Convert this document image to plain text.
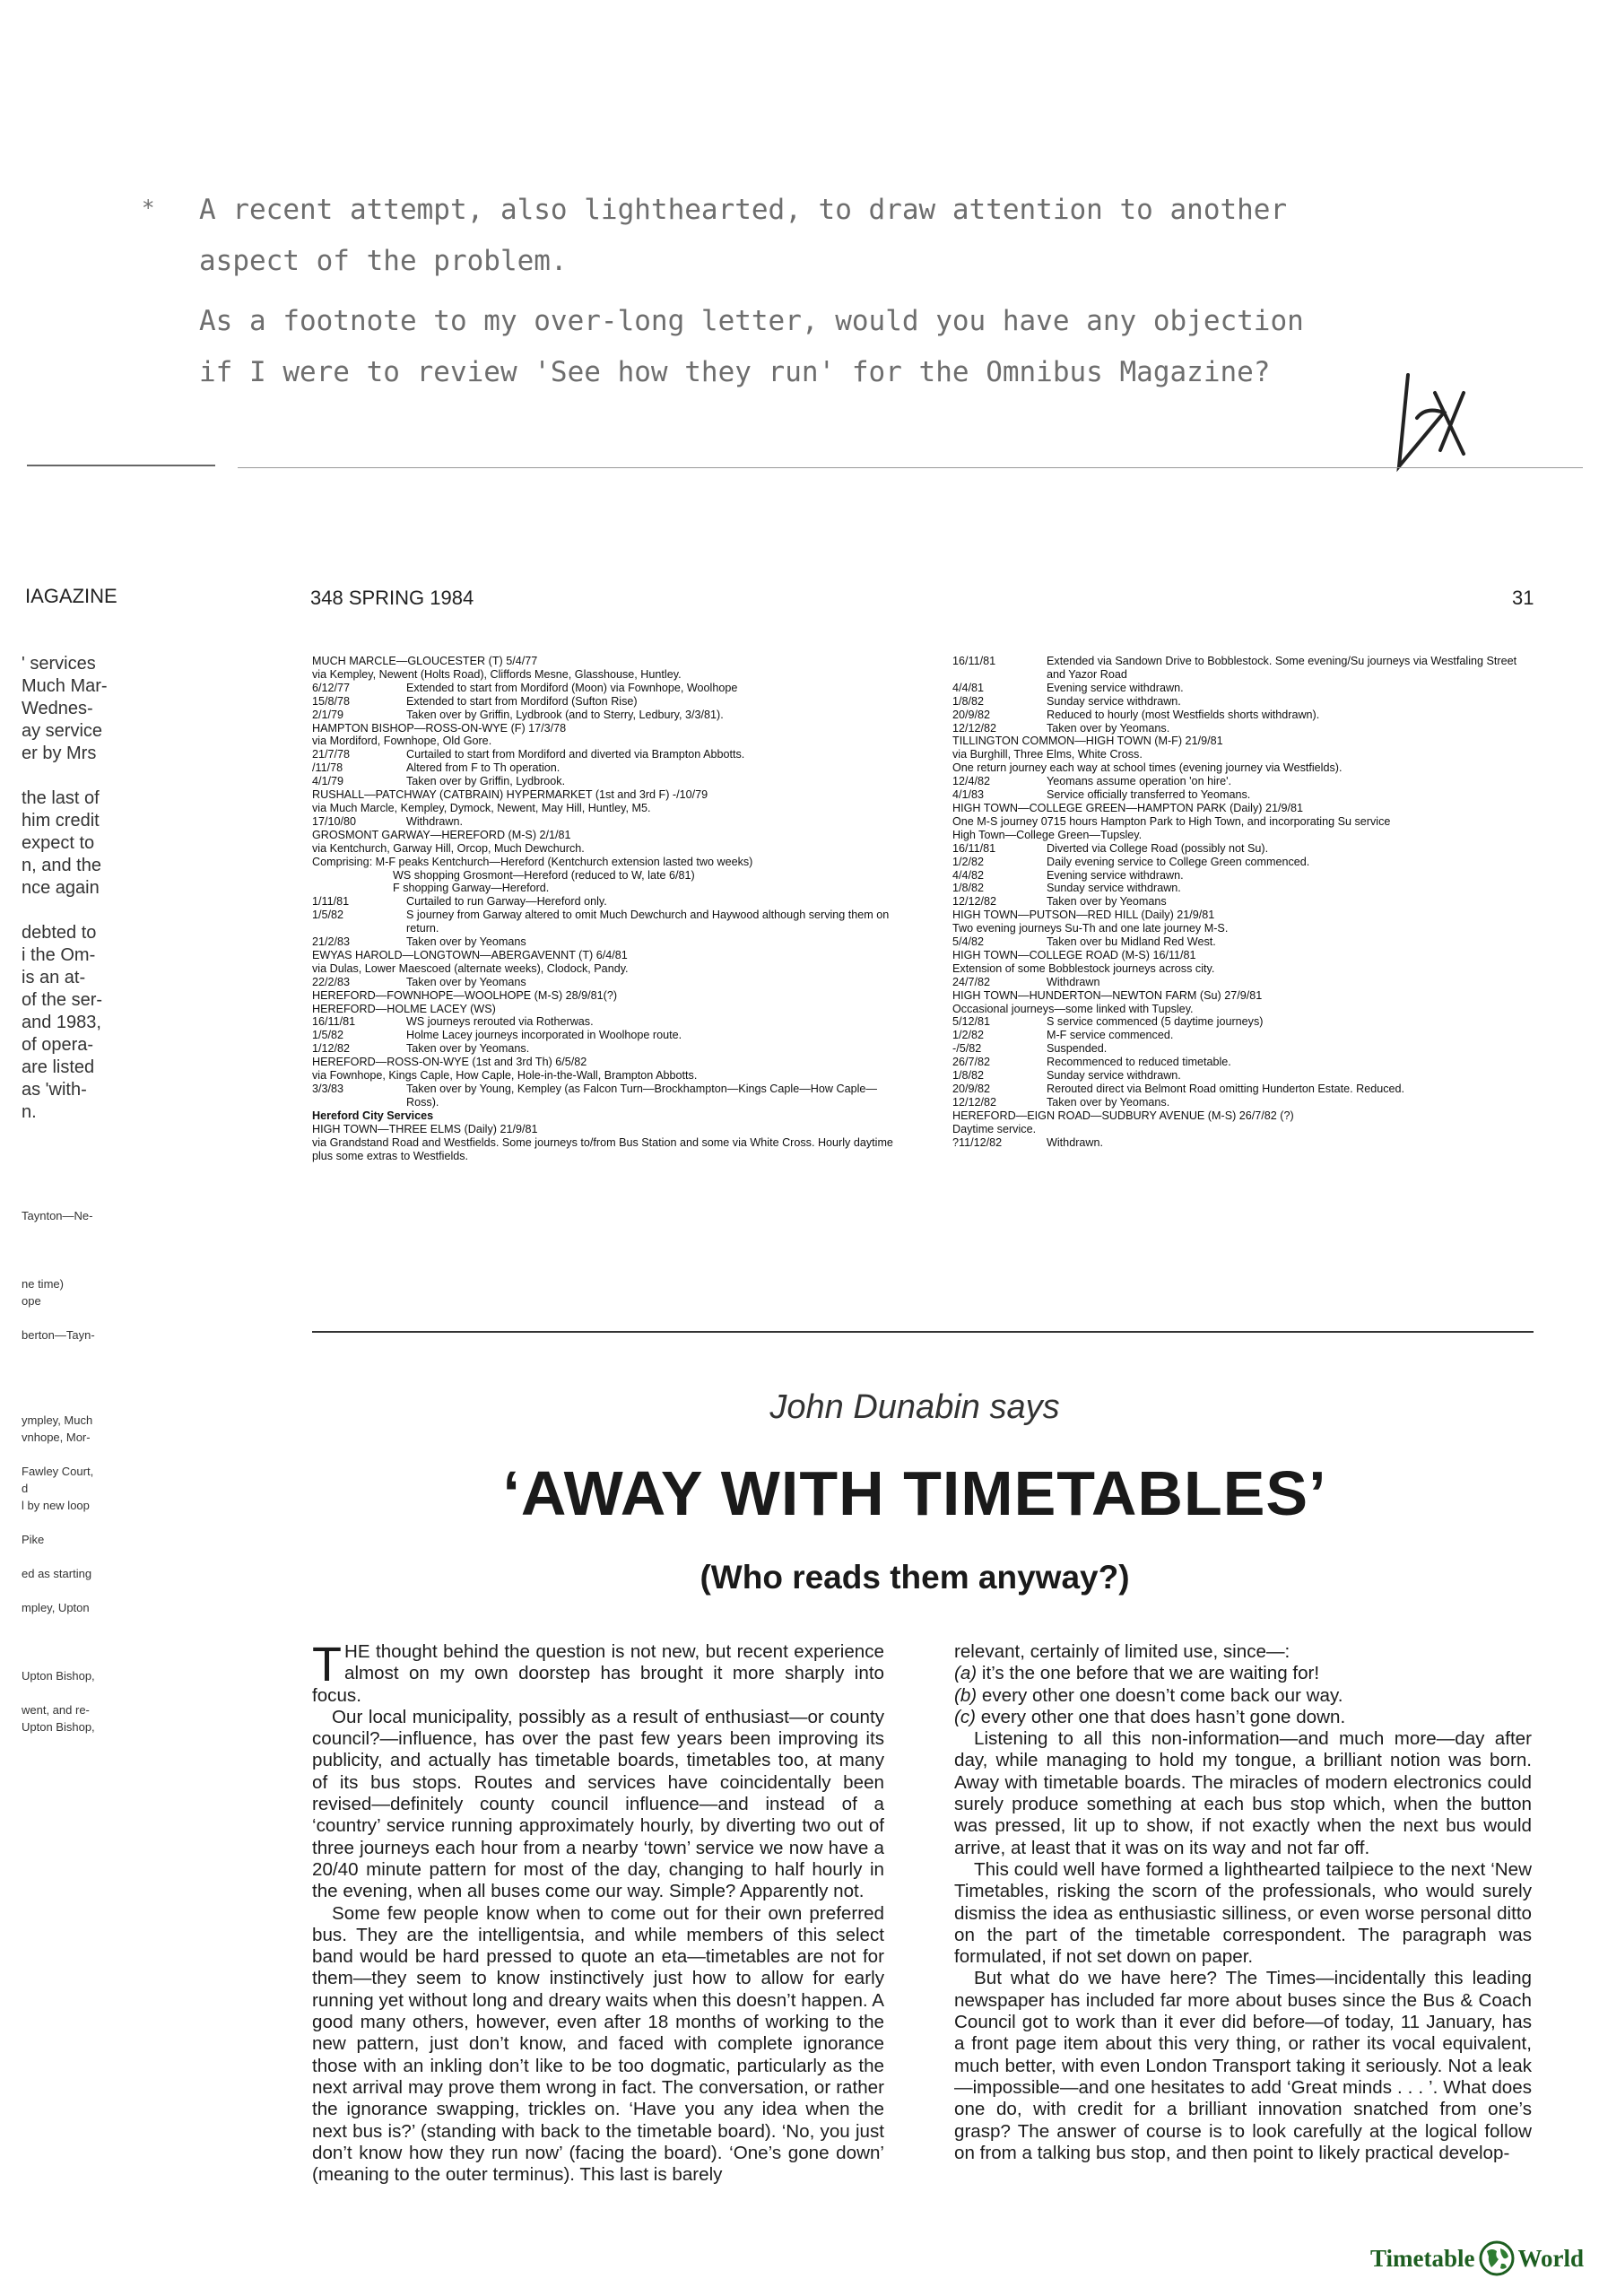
* A recent attempt, also lighthearted, to draw attention to another
aspect of the problem.
As a footnote to my over-long letter, would you have any objection
if I were to review 'See how they run' for the Omnibus Magazine?
IAGAZINE	348 SPRING 1984	31
' services
Much Mar-
Wednes-
ay service
er by Mrs

the last of
him credit
expect to
n, and the
nce again

debted to
i the Om-
is an at-
of the ser-
and 1983,
of opera-
are listed
as 'with-
n.
Taynton—Ne-

ne time)
ope

berton—Tayn-

ympley, Much
vnhope, Mor-

Fawley Court,
d
l by new loop

Pike

ed as starting

mpley, Upton

Upton Bishop,

went, and re-
Upton Bishop,
MUCH MARCLE—GLOUCESTER (T) 5/4/77
via Kempley, Newent (Holts Road), Cliffords Mesne, Glasshouse, Huntley.
6/12/77	Extended to start from Mordiford (Moon) via Fownhope, Woolhope
15/8/78	Extended to start from Mordiford (Sufton Rise)
2/1/79	Taken over by Griffin, Lydbrook (and to Sterry, Ledbury, 3/3/81).
HAMPTON BISHOP—ROSS-ON-WYE (F) 17/3/78
via Mordiford, Fownhope, Old Gore.
21/7/78	Curtailed to start from Mordiford and diverted via Brampton Abbotts.
/11/78	Altered from F to Th operation.
4/1/79	Taken over by Griffin, Lydbrook.
RUSHALL—PATCHWAY (CATBRAIN) HYPERMARKET (1st and 3rd F) -/10/79
via Much Marcle, Kempley, Dymock, Newent, May Hill, Huntley, M5.
17/10/80	Withdrawn.
GROSMONT GARWAY—HEREFORD (M-S) 2/1/81
via Kentchurch, Garway Hill, Orcop, Much Dewchurch.
Comprising: M-F peaks Kentchurch—Hereford (Kentchurch extension lasted two weeks)
WS shopping Grosmont—Hereford (reduced to W, late 6/81)
F shopping Garway—Hereford.
1/11/81	Curtailed to run Garway—Hereford only.
1/5/82	S journey from Garway altered to omit Much Dewchurch and Haywood although serving them on return.
21/2/83	Taken over by Yeomans
EWYAS HAROLD—LONGTOWN—ABERGAVENNT (T) 6/4/81
via Dulas, Lower Maescoed (alternate weeks), Clodock, Pandy.
22/2/83	Taken over by Yeomans
HEREFORD—FOWNHOPE—WOOLHOPE (M-S) 28/9/81(?)
HEREFORD—HOLME LACEY (WS)
16/11/81	WS journeys rerouted via Rotherwas.
1/5/82	Holme Lacey journeys incorporated in Woolhope route.
1/12/82	Taken over by Yeomans.
HEREFORD—ROSS-ON-WYE (1st and 3rd Th) 6/5/82
via Fownhope, Kings Caple, How Caple, Hole-in-the-Wall, Brampton Abbotts.
3/3/83	Taken over by Young, Kempley (as Falcon Turn—Brockhampton—Kings Caple—How Caple—Ross).
Hereford City Services
HIGH TOWN—THREE ELMS (Daily) 21/9/81
via Grandstand Road and Westfields. Some journeys to/from Bus Station and some via White Cross. Hourly daytime plus some extras to Westfields.
16/11/81	Extended via Sandown Drive to Bobblestock. Some evening/Su journeys via Westfaling Street and Yazor Road
4/4/81	Evening service withdrawn.
1/8/82	Sunday service withdrawn.
20/9/82	Reduced to hourly (most Westfields shorts withdrawn).
12/12/82	Taken over by Yeomans.
TILLINGTON COMMON—HIGH TOWN (M-F) 21/9/81
via Burghill, Three Elms, White Cross.
One return journey each way at school times (evening journey via Westfields).
12/4/82	Yeomans assume operation 'on hire'.
4/1/83	Service officially transferred to Yeomans.
HIGH TOWN—COLLEGE GREEN—HAMPTON PARK (Daily) 21/9/81
One M-S journey 0715 hours Hampton Park to High Town, and incorporating Su service
High Town—College Green—Tupsley.
16/11/81	Diverted via College Road (possibly not Su).
1/2/82	Daily evening service to College Green commenced.
4/4/82	Evening service withdrawn.
1/8/82	Sunday service withdrawn.
12/12/82	Taken over by Yeomans
HIGH TOWN—PUTSON—RED HILL (Daily) 21/9/81
Two evening journeys Su-Th and one late journey M-S.
5/4/82	Taken over bu Midland Red West.
HIGH TOWN—COLLEGE ROAD (M-S) 16/11/81
Extension of some Bobblestock journeys across city.
24/7/82	Withdrawn
HIGH TOWN—HUNDERTON—NEWTON FARM (Su) 27/9/81
Occasional journeys—some linked with Tupsley.
5/12/81	S service commenced (5 daytime journeys)
1/2/82	M-F service commenced.
-/5/82	Suspended.
26/7/82	Recommenced to reduced timetable.
1/8/82	Sunday service withdrawn.
20/9/82	Rerouted direct via Belmont Road omitting Hunderton Estate. Reduced.
12/12/82	Taken over by Yeomans.
HEREFORD—EIGN ROAD—SUDBURY AVENUE (M-S) 26/7/82 (?)
Daytime service.
?11/12/82	Withdrawn.
John Dunabin says
‘AWAY WITH TIMETABLES’
(Who reads them anyway?)

THE thought behind the question is not new, but recent experience almost on my own doorstep has brought it more sharply into focus.

Our local municipality, possibly as a result of enthusiast—or county council?—influence, has over the past few years been improving its publicity, and actually has timetable boards, timetables too, at many of its bus stops. Routes and services have coincidentally been revised—definitely county council influence—and instead of a ‘country’ service running approximately hourly, by diverting two out of three journeys each hour from a nearby ‘town’ service we now have a 20/40 minute pattern for most of the day, changing to half hourly in the evening, when all buses come our way. Simple? Apparently not.

Some few people know when to come out for their own preferred bus. They are the intelligentsia, and while members of this select band would be hard pressed to quote an eta—timetables are not for them—they seem to know instinctively just how to allow for early running yet without long and dreary waits when this doesn’t happen. A good many others, however, even after 18 months of working to the new pattern, just don’t know, and faced with complete ignorance those with an inkling don’t like to be too dogmatic, particularly as the next arrival may prove them wrong in fact. The conversation, or rather the ignorance swapping, trickles on. ‘Have you any idea when the next bus is?’ (standing with back to the timetable board). ‘No, you just don’t know how they run now’ (facing the board). ‘One’s gone down’ (meaning to the outer terminus). This last is barely

relevant, certainly of limited use, since—:

(a) it’s the one before that we are waiting for!
(b) every other one doesn’t come back our way.
(c) every other one that does hasn’t gone down.

Listening to all this non-information—and much more—day after day, while managing to hold my tongue, a brilliant notion was born. Away with timetable boards. The miracles of modern electronics could surely produce something at each bus stop which, when the button was pressed, lit up to show, if not exactly when the next bus would arrive, at least that it was on its way and not far off.

This could well have formed a lighthearted tailpiece to the next ‘New Timetables, risking the scorn of the professionals, who would surely dismiss the idea as enthusiastic silliness, or even worse personal ditto on the part of the timetable correspondent. The paragraph was formulated, if not set down on paper.

But what do we have here? The Times—incidentally this leading newspaper has included far more about buses since the Bus & Coach Council got to work than it ever did before—of today, 11 January, has a front page item about this very thing, or rather its vocal equivalent, much better, with even London Transport taking it seriously. Not a leak—impossible—and one hesitates to add ‘Great minds . . . ’. What does one do, with credit for a brilliant innovation snatched from one’s grasp? The answer of course is to look carefully at the logical follow on from a talking bus stop, and then point to likely practical develop-

Timetable World
